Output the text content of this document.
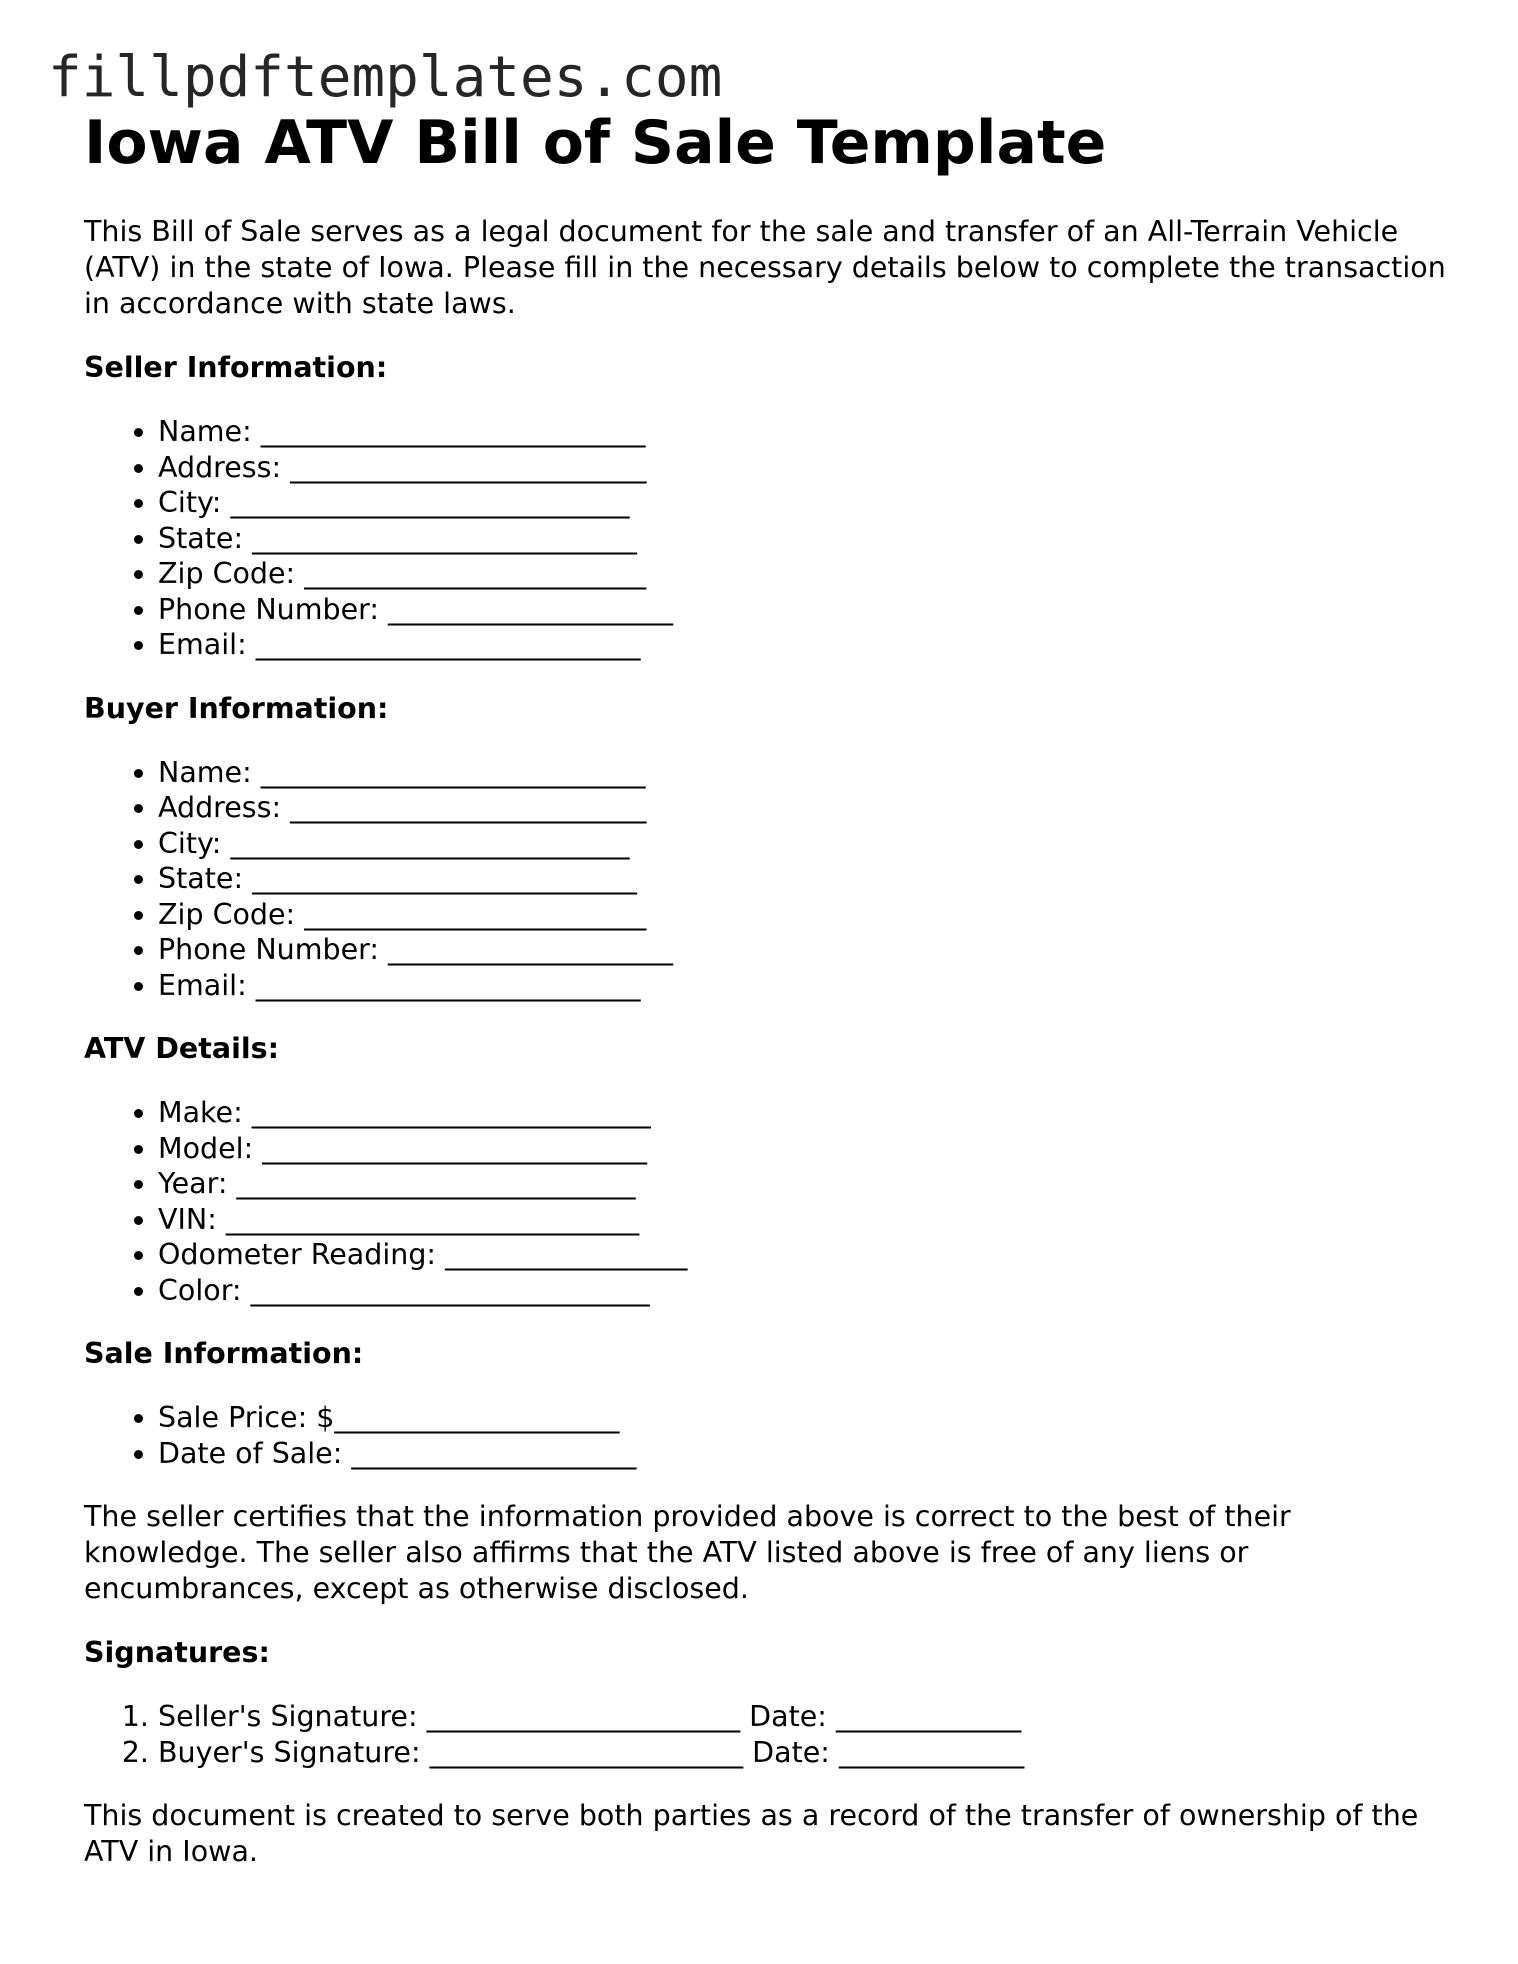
fillpdftemplates.com
Iowa ATV Bill of Sale Template

This Bill of Sale serves as a legal document for the sale and transfer of an All-Terrain Vehicle (ATV) in the state of Iowa. Please fill in the necessary details below to complete the transaction in accordance with state laws.

Seller Information:
• Name: ___________________________
• Address: _________________________
• City: ____________________________
• State: ___________________________
• Zip Code: ________________________
• Phone Number: ____________________
• Email: ___________________________
Buyer Information:
• Name: ___________________________
• Address: _________________________
• City: ____________________________
• State: ___________________________
• Zip Code: ________________________
• Phone Number: ____________________
• Email: ___________________________
ATV Details:
• Make: ____________________________
• Model: ___________________________
• Year: ____________________________
• VIN: _____________________________
• Odometer Reading: _________________
• Color: ____________________________
Sale Information:
• Sale Price: $____________________
• Date of Sale: ____________________

The seller certifies that the information provided above is correct to the best of their knowledge. The seller also affirms that the ATV listed above is free of any liens or encumbrances, except as otherwise disclosed.

Signatures:
1. Seller's Signature: ______________________ Date: _____________
2. Buyer's Signature: ______________________ Date: _____________

This document is created to serve both parties as a record of the transfer of ownership of the ATV in Iowa.
